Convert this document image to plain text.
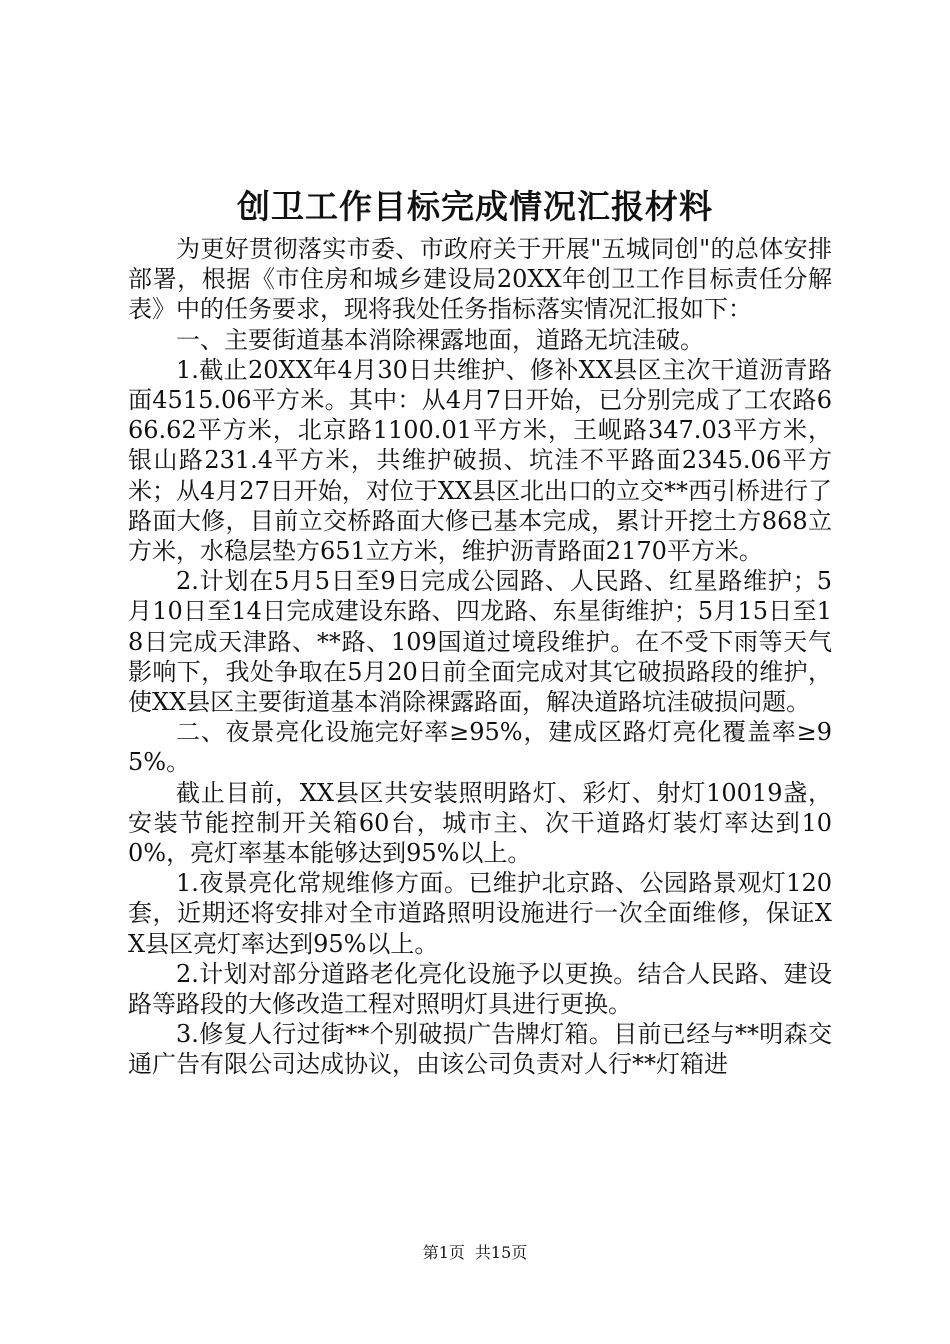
创卫工作目标完成情况汇报材料

为更好贯彻落实市委、市政府关于开展"五城同创"的总体安排部署，根据《市住房和城乡建设局20XX年创卫工作目标责任分解表》中的任务要求，现将我处任务指标落实情况汇报如下：

一、主要街道基本消除裸露地面，道路无坑洼破。

1.截止20XX年4月30日共维护、修补XX县区主次干道沥青路面4515.06平方米。其中：从4月7日开始，已分别完成了工农路666.62平方米，北京路1100.01平方米，王岘路347.03平方米，银山路231.4平方米，共维护破损、坑洼不平路面2345.06平方米；从4月27日开始，对位于XX县区北出口的立交**西引桥进行了路面大修，目前立交桥路面大修已基本完成，累计开挖土方868立方米，水稳层垫方651立方米，维护沥青路面2170平方米。

2.计划在5月5日至9日完成公园路、人民路、红星路维护；5月10日至14日完成建设东路、四龙路、东星街维护；5月15日至18日完成天津路、**路、109国道过境段维护。在不受下雨等天气影响下，我处争取在5月20日前全面完成对其它破损路段的维护，使XX县区主要街道基本消除裸露路面，解决道路坑洼破损问题。

二、夜景亮化设施完好率≥95%，建成区路灯亮化覆盖率≥95%。

截止目前，XX县区共安装照明路灯、彩灯、射灯10019盏，安装节能控制开关箱60台，城市主、次干道路灯装灯率达到100%，亮灯率基本能够达到95%以上。

1.夜景亮化常规维修方面。已维护北京路、公园路景观灯120套，近期还将安排对全市道路照明设施进行一次全面维修，保证XX县区亮灯率达到95%以上。

2.计划对部分道路老化亮化设施予以更换。结合人民路、建设路等路段的大修改造工程对照明灯具进行更换。

3.修复人行过街**个别破损广告牌灯箱。目前已经与**明森交通广告有限公司达成协议，由该公司负责对人行**灯箱进

第1页 共15页
